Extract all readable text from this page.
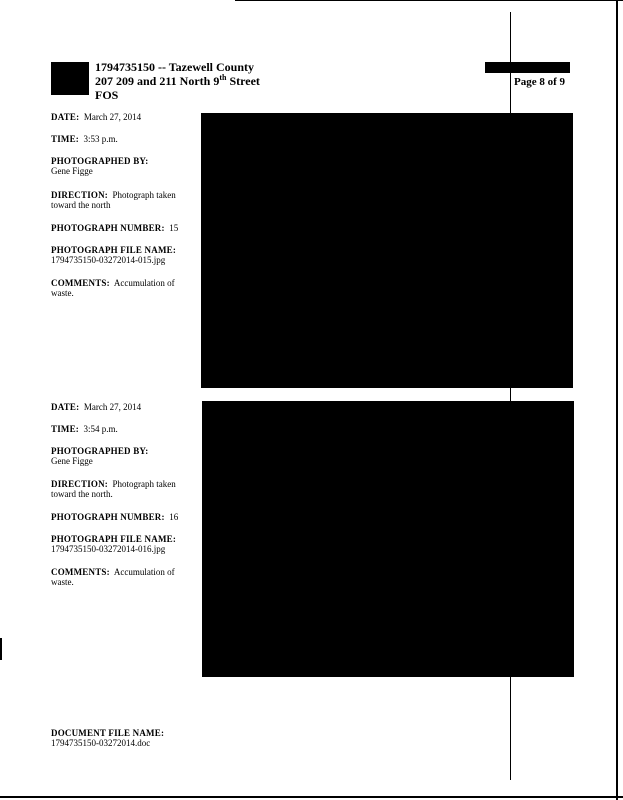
1794735150 -- Tazewell County
207 209 and 211 North 9th Street
FOS
Page 8 of 9
DATE: March 27, 2014
TIME: 3:53 p.m.
PHOTOGRAPHED BY:
Gene Figge
DIRECTION: Photograph taken toward the north
PHOTOGRAPH NUMBER: 15
PHOTOGRAPH FILE NAME:
1794735150-03272014-015.jpg
COMMENTS: Accumulation of waste.
DATE: March 27, 2014
TIME: 3:54 p.m.
PHOTOGRAPHED BY:
Gene Figge
DIRECTION: Photograph taken toward the north.
PHOTOGRAPH NUMBER: 16
PHOTOGRAPH FILE NAME:
1794735150-03272014-016.jpg
COMMENTS: Accumulation of waste.
DOCUMENT FILE NAME:
1794735150-03272014.doc
